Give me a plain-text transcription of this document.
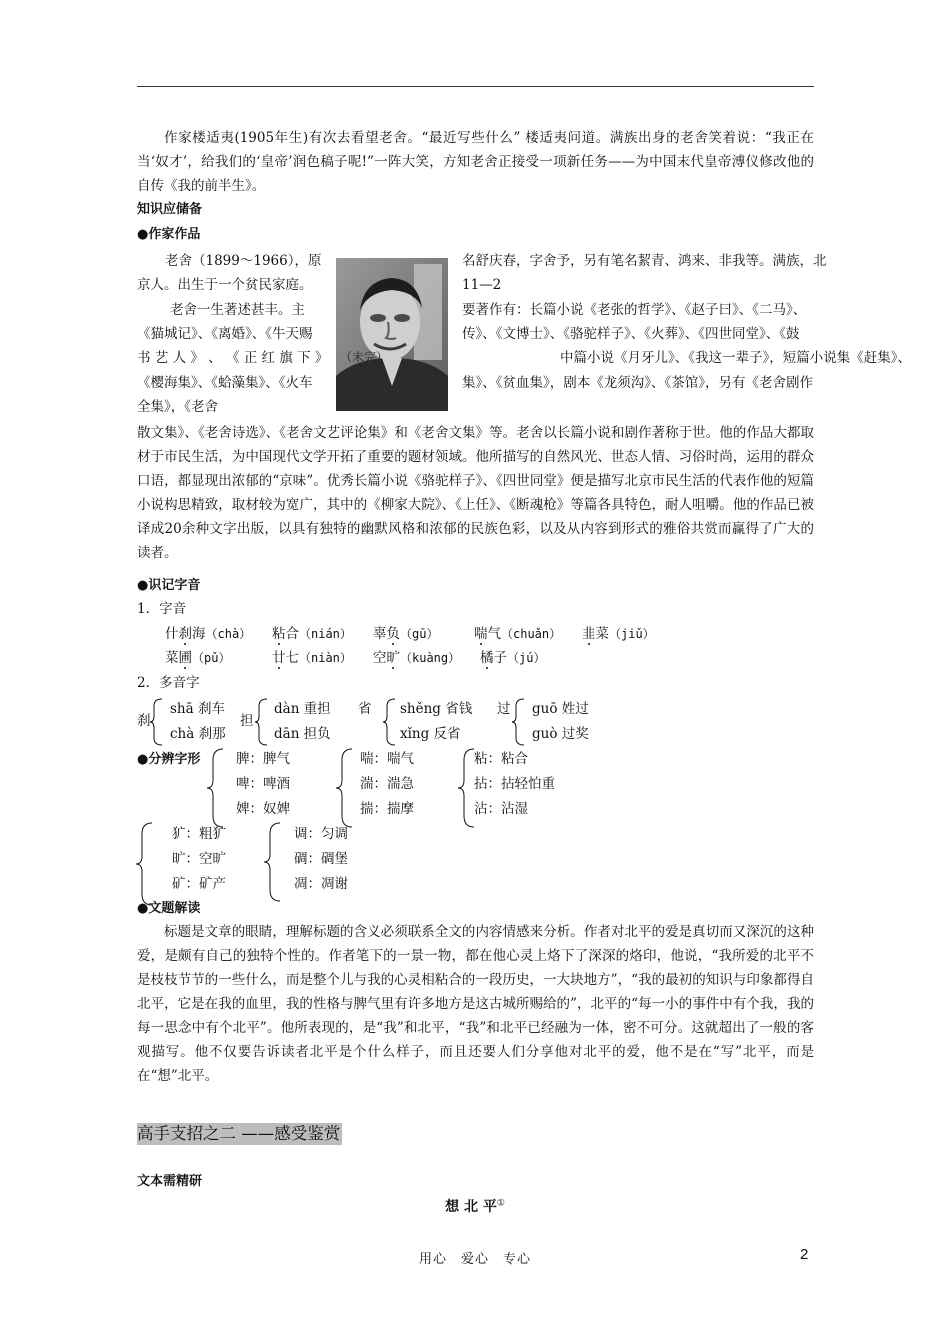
作家楼适夷(1905年生)有次去看望老舍。“最近写些什么” 楼适夷问道。满族出身的老舍笑着说：“我正在当‘奴才’，给我们的‘皇帝’润色稿子呢!”一阵大笑，方知老舍正接受一项新任务——为中国末代皇帝溥仪修改他的自传《我的前半生》。

知识应储备
●作家作品
老舍（1899～1966），原
京人。出生于一个贫民家庭。
老舍一生著述甚丰。主
《猫城记》、《离婚》、《牛天赐
书 艺 人 》 、 《 正 红 旗 下 》
《樱海集》、《蛤藻集》、《火车
全集》，《老舍
名舒庆春，字舍予，另有笔名絜青、鸿来、非我等。满族，北
11—2
要著作有：长篇小说《老张的哲学》、《赵子曰》、《二马》、
传》、《文博士》、《骆驼样子》、《火葬》、《四世同堂》、《鼓
中篇小说《月牙儿》、《我这一辈子》，短篇小说集《赶集》、
集》、《贫血集》，剧本《龙须沟》、《茶馆》，另有《老舍剧作
（未完）

散文集》、《老舍诗选》、《老舍文艺评论集》和《老舍文集》等。老舍以长篇小说和剧作著称于世。他的作品大都取材于市民生活，为中国现代文学开拓了重要的题材领域。他所描写的自然风光、世态人情、习俗时尚，运用的群众口语，都显现出浓郁的“京味”。优秀长篇小说《骆驼样子》、《四世同堂》便是描写北京市民生活的代表作他的短篇小说构思精致，取材较为宽广，其中的《柳家大院》、《上任》、《断魂枪》等篇各具特色，耐人咀嚼。他的作品已被译成20余种文字出版，以具有独特的幽默风格和浓郁的民族色彩，以及从内容到形式的雅俗共赏而赢得了广大的读者。

●识记字音
1．字音
什刹海（chà） 粘合（nián） 辜负（gū）	喘气（chuǎn） 韭菜（jiǔ）
菜圃（pǔ）	廿七（niàn） 空旷（kuàng） 橘子（jú）
2．多音字
刹
shā 刹车
chà 刹那
担
dàn 重担
dān 担负
省 shěng 省钱
xǐng 反省
过 guō 姓过
guò 过奖
●分辨字形	脾：脾气
啤：啤酒
婢：奴婢
喘：喘气
湍：湍急
揣：揣摩
粘：粘合
拈：拈轻怕重
沾：沾湿
犷：粗犷
旷：空旷
矿：矿产
调：匀调
碉：碉堡
凋：凋谢
●文题解读

标题是文章的眼睛，理解标题的含义必须联系全文的内容情感来分析。作者对北平的爱是真切而又深沉的这种爱，是颇有自己的独特个性的。作者笔下的一景一物，都在他心灵上烙下了深深的烙印，他说，“我所爱的北平不是枝枝节节的一些什么，而是整个儿与我的心灵相粘合的一段历史，一大块地方”，“我的最初的知识与印象都得自北平，它是在我的血里，我的性格与脾气里有许多地方是这古城所赐给的”，北平的“每一小的事件中有个我，我的每一思念中有个北平”。他所表现的，是“我”和北平，“我”和北平已经融为一体，密不可分。这就超出了一般的客观描写。他不仅要告诉读者北平是个什么样子，而且还要人们分享他对北平的爱，他不是在“写”北平，而是在“想”北平。

高手支招之二 ——感受鉴赏
文本需精研
想 北 平①
用心　爱心　专心	2
